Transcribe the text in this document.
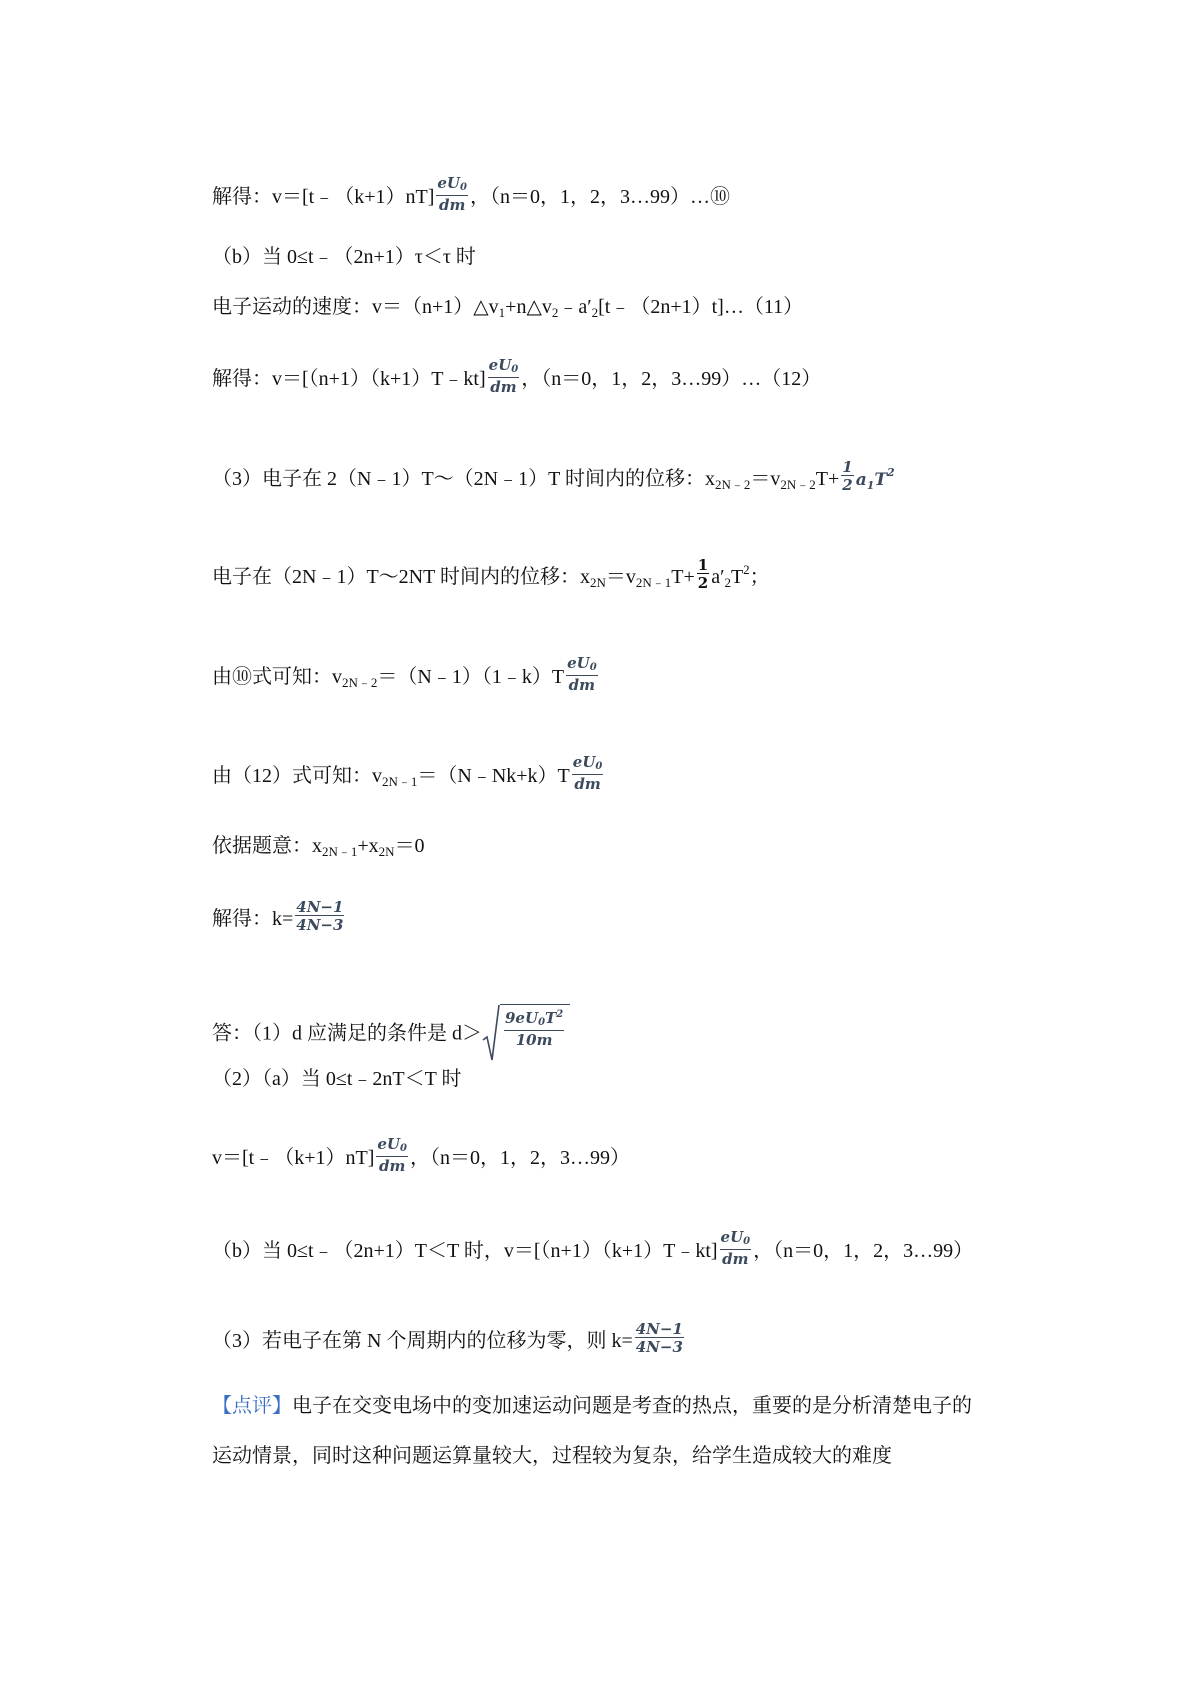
解得：v＝[t﹣（k+1）nT] $\frac{eU_0}{dm}$ ，（n＝0，1，2，3…99）…⑩
（b）当 0≤t﹣（2n+1）τ＜τ 时
电子运动的速度：$v=(n+1)\triangle v_1+n\triangle v_2﹣a'_2[t﹣(2n+1)t]\dots(11)$
解得：v＝[（n+1）（k+1）T﹣kt] $\frac{eU_0}{dm}$ ，（n＝0，1，2，3…99）…（12）
（3）电子在 2（N﹣1）T～（2N﹣1）T 时间内的位移：$x_{2N﹣2}=v_{2N﹣2}T+ \frac{1}{2} a_1T^2$
电子在（2N﹣1）T～2NT 时间内的位移：$x_{2N}=v_{2N﹣1}T+ \frac{1}{2} a'_2T^2$；
由⑩式可知：$v_{2N﹣2}=(N﹣1)(1﹣k)T \frac{eU_0}{dm}$
由（12）式可知：$v_{2N﹣1}=(N﹣Nk+k)T \frac{eU_0}{dm}$
依据题意：$x_{2N﹣1}+x_{2N}=0$
解得：$k= \frac{4N-1}{4N-3}$
答：（1）d 应满足的条件是 $d> \frac{9eU_0T^2}{10m}$
（2）（a）当 0≤t﹣2nT＜T 时
v＝[t﹣（k+1）nT] $\frac{eU_0}{dm}$ ，（n＝0，1，2，3…99）
（b）当 0≤t﹣（2n+1）T＜T 时，v＝[（n+1）（k+1）T﹣kt] $\frac{eU_0}{dm}$ ，（n＝0，1，2，3…99）
（3）若电子在第 N 个周期内的位移为零，则 $k= \frac{4N-1}{4N-3}$
【点评】电子在交变电场中的变加速运动问题是考查的热点，重要的是分析清楚电子的
运动情景，同时这种问题运算量较大，过程较为复杂，给学生造成较大的难度
